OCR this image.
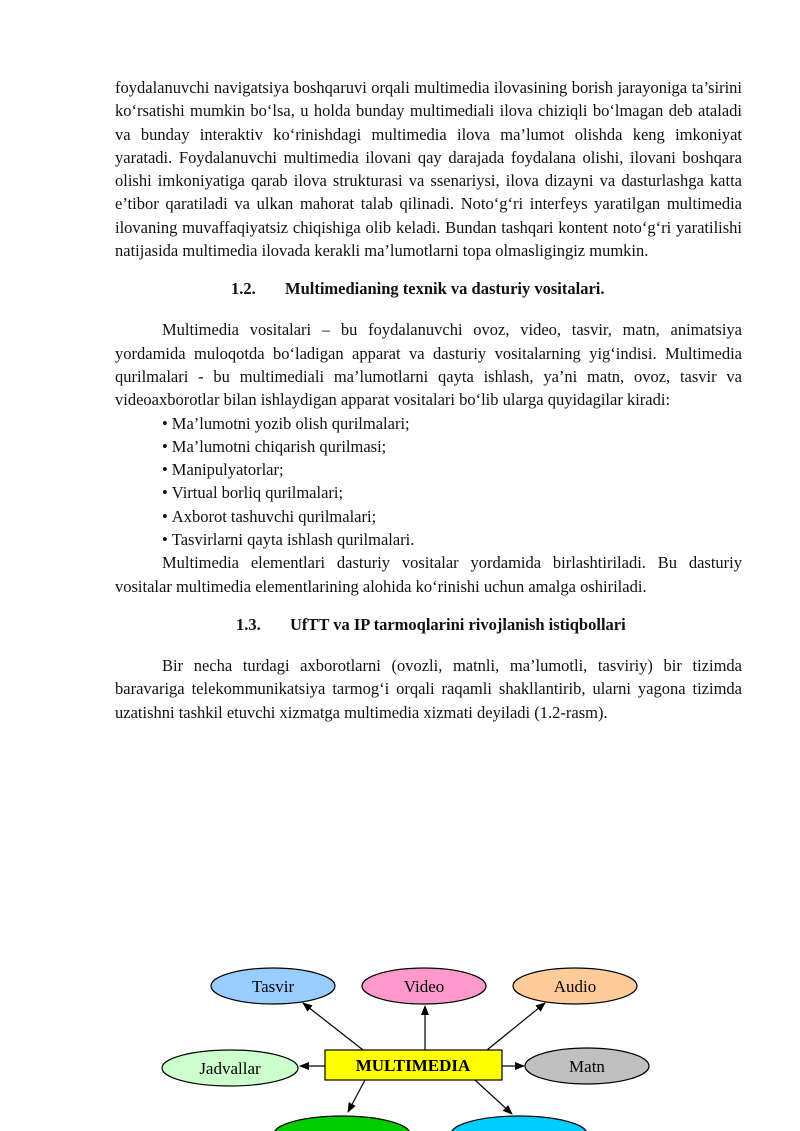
foydalanuvchi navigatsiya boshqaruvi orqali multimedia ilovasining borish jarayoniga ta’sirini ko‘rsatishi mumkin bo‘lsa, u holda bunday multimediali ilova chiziqli bo‘lmagan deb ataladi va bunday interaktiv ko‘rinishdagi multimedia ilova ma’lumot olishda keng imkoniyat yaratadi. Foydalanuvchi multimedia ilovani qay darajada foydalana olishi, ilovani boshqara olishi imkoniyatiga qarab ilova strukturasi va ssenariysi, ilova dizayni va dasturlashga katta e’tibor qaratiladi va ulkan mahorat talab qilinadi. Noto‘g‘ri interfeys yaratilgan multimedia ilovaning muvaffaqiyatsiz chiqishiga olib keladi. Bundan tashqari kontent noto‘g‘ri yaratilishi natijasida multimedia ilovada kerakli ma’lumotlarni topa olmasligingiz mumkin.

1.2. Multimedianing texnik va dasturiy vositalari.

Multimedia vositalari – bu foydalanuvchi ovoz, video, tasvir, matn, animatsiya yordamida muloqotda bo‘ladigan apparat va dasturiy vositalarning yig‘indisi. Multimedia qurilmalari - bu multimediali ma’lumotlarni qayta ishlash, ya’ni matn, ovoz, tasvir va videoaxborotlar bilan ishlaydigan apparat vositalari bo‘lib ularga quyidagilar kiradi:

• Ma’lumotni yozib olish qurilmalari;
• Ma’lumotni chiqarish qurilmasi;
• Manipulyatorlar;
• Virtual borliq qurilmalari;
• Axborot tashuvchi qurilmalari;
• Tasvirlarni qayta ishlash qurilmalari.

Multimedia elementlari dasturiy vositalar yordamida birlashtiriladi. Bu dasturiy vositalar multimedia elementlarining alohida ko‘rinishi uchun amalga oshiriladi.

1.3. UfTT va IP tarmoqlarini rivojlanish istiqbollari

Bir necha turdagi axborotlarni (ovozli, matnli, ma’lumotli, tasviriy) bir tizimda baravariga telekommunikatsiya tarmog‘i orqali raqamli shakllantirib, ularni yagona tizimda uzatishni tashkil etuvchi xizmatga multimedia xizmati deyiladi (1.2-rasm).

Tasvir	Video	Audio
Jadvallar	Matn
MULTIMEDIA
